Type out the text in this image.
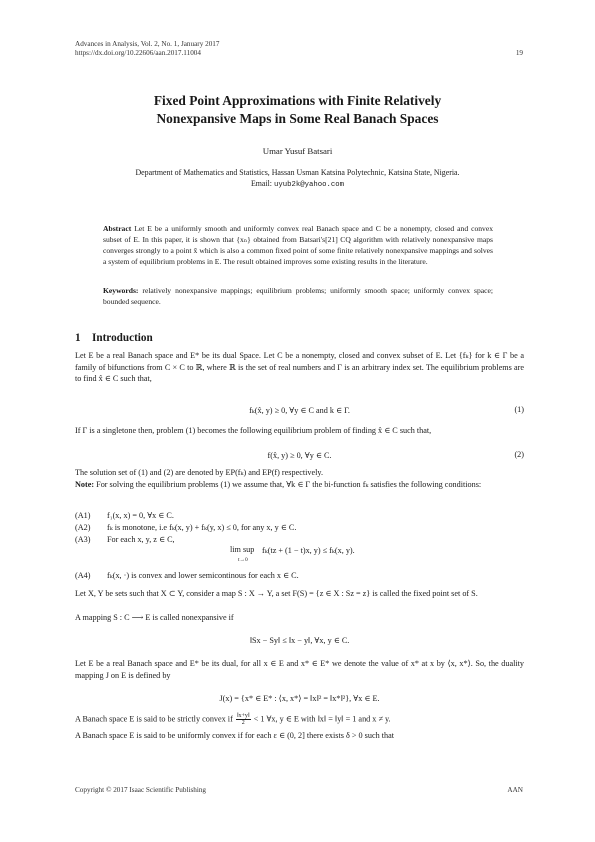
Advances in Analysis, Vol. 2, No. 1, January 2017
https://dx.doi.org/10.22606/aan.2017.11004	19
Fixed Point Approximations with Finite Relatively
Nonexpansive Maps in Some Real Banach Spaces
Umar Yusuf Batsari
Department of Mathematics and Statistics, Hassan Usman Katsina Polytechnic, Katsina State, Nigeria.
Email: uyub2k@yahoo.com
Abstract Let E be a uniformly smooth and uniformly convex real Banach space and C be a nonempty, closed and convex subset of E. In this paper, it is shown that {xₙ} obtained from Batsari's[21] CQ algorithm with relatively nonexpansive maps converges strongly to a point x̂ which is also a common fixed point of some finite relatively nonexpansive mappings and solves a system of equilibrium problems in E. The result obtained improves some existing results in the literature.
Keywords: relatively nonexpansive mappings; equilibrium problems; uniformly smooth space; uniformly convex space; bounded sequence.
1 Introduction
Let E be a real Banach space and E* be its dual Space. Let C be a nonempty, closed and convex subset of E. Let {fₖ} for k ∈ Γ be a family of bifunctions from C × C to ℝ, where ℝ is the set of real numbers and Γ is an arbitrary index set. The equilibrium problems are to find x̂ ∈ C such that,
fₖ(x̂, y) ≥ 0, ∀y ∈ C and k ∈ Γ.	(1)
If Γ is a singletone then, problem (1) becomes the following equilibrium problem of finding x̂ ∈ C such that,
f(x̂, y) ≥ 0, ∀y ∈ C.	(2)
The solution set of (1) and (2) are denoted by EP(fₖ) and EP(f) respectively.
Note: For solving the equilibrium problems (1) we assume that, ∀k ∈ Γ the bi-function fₖ satisfies the following conditions:
(A1) f₁(x, x) = 0, ∀x ∈ C.
(A2) fₖ is monotone, i.e fₖ(x, y) + fₖ(y, x) ≤ 0, for any x, y ∈ C.
(A3) For each x, y, z ∈ C,
lim sup
t→0
fₖ(tz + (1 − t)x, y) ≤ fₖ(x, y).
(A4) fₖ(x, ·) is convex and lower semicontinous for each x ∈ C.
Let X, Y be sets such that X ⊂ Y, consider a map S : X → Y, a set F(S) = {z ∈ X : Sz = z} is called the fixed point set of S.
A mapping S : C ⟶ E is called nonexpansive if
‖Sx − Sy‖ ≤ ‖x − y‖, ∀x, y ∈ C.
Let E be a real Banach space and E* be its dual, for all x ∈ E and x* ∈ E* we denote the value of x* at x by ⟨x, x*⟩. So, the duality mapping J on E is defined by
J(x) = {x* ∈ E* : ⟨x, x*⟩ = ‖x‖² = ‖x*‖²}, ∀x ∈ E.
A Banach space E is said to be strictly convex if $\frac{‖x+y‖}{2} < 1$ ∀x, y ∈ E with ‖x‖ = ‖y‖ = 1 and x ≠ y.
A Banach space E is said to be uniformly convex if for each ε ∈ (0, 2] there exists δ > 0 such that
Copyright © 2017 Isaac Scientific Publishing	AAN
